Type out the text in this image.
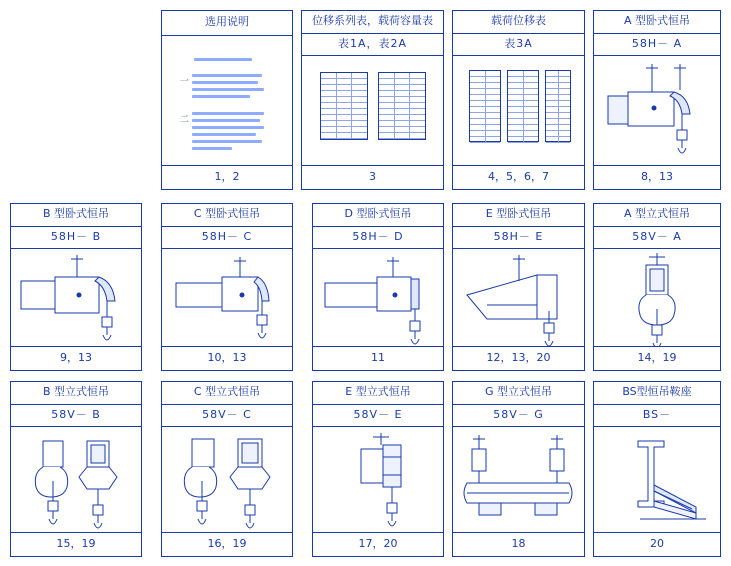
选用说明
一
二
1，2
位移系列表，载荷容量表
表1A，表2A
3
载荷位移表
表3A
4，5，6，7
A 型卧式恒吊
58H－ A
8，13
B 型卧式恒吊
58H－ B
9，13
C 型卧式恒吊
58H－ C
10，13
D 型卧式恒吊
58H－ D
11
E 型卧式恒吊
58H－ E
12，13，20
A 型立式恒吊
58V－ A
14，19
B 型立式恒吊
58V－ B
15，19
C 型立式恒吊
58V－ C
16，19
E 型立式恒吊
58V－ E
17，20
G 型立式恒吊
58V－ G
18
BS型恒吊鞍座
BS－
20
